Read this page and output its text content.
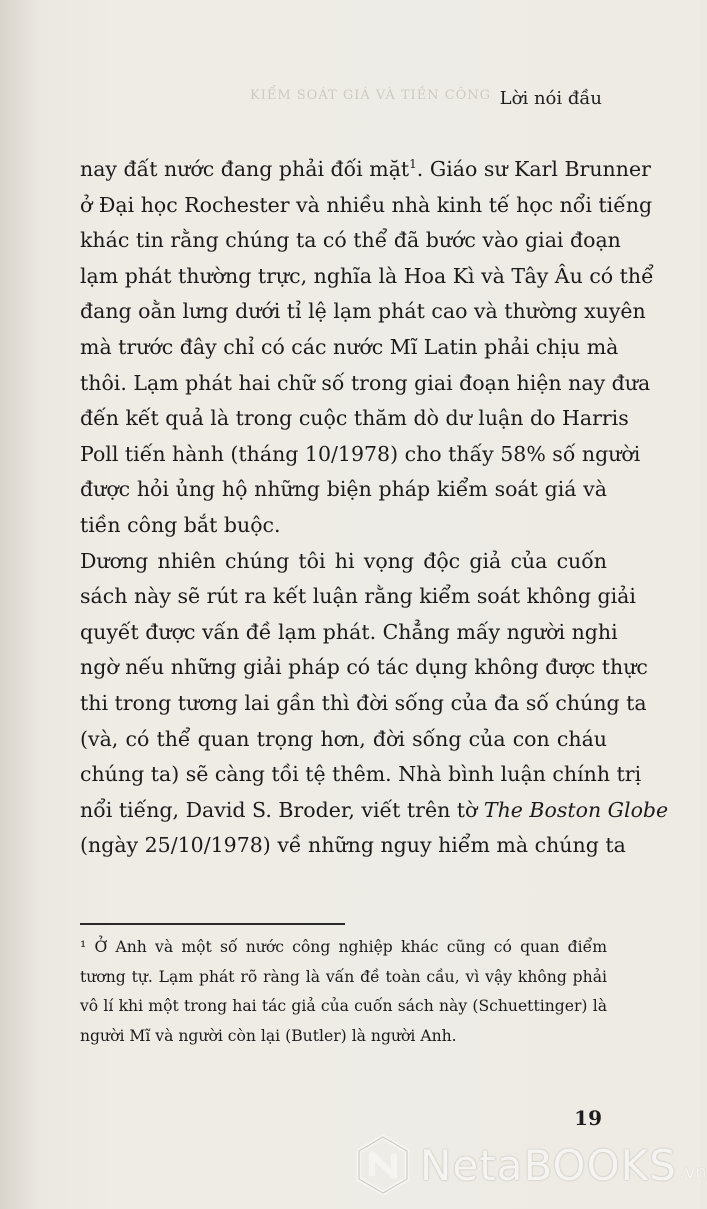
KIỂM SOÁT GIÁ VÀ TIỀN CÔNG Lời nói đầu
nay đất nước đang phải đối mặt$^1$. Giáo sư Karl Brunner
ở Đại học Rochester và nhiều nhà kinh tế học nổi tiếng
khác tin rằng chúng ta có thể đã bước vào giai đoạn
lạm phát thường trực, nghĩa là Hoa Kì và Tây Âu có thể
đang oằn lưng dưới tỉ lệ lạm phát cao và thường xuyên
mà trước đây chỉ có các nước Mĩ Latin phải chịu mà
thôi. Lạm phát hai chữ số trong giai đoạn hiện nay đưa
đến kết quả là trong cuộc thăm dò dư luận do Harris
Poll tiến hành (tháng 10/1978) cho thấy 58% số người
được hỏi ủng hộ những biện pháp kiểm soát giá và
tiền công bắt buộc.
Dương nhiên chúng tôi hi vọng độc giả của cuốn
sách này sẽ rút ra kết luận rằng kiểm soát không giải
quyết được vấn đề lạm phát. Chẳng mấy người nghi
ngờ nếu những giải pháp có tác dụng không được thực
thi trong tương lai gần thì đời sống của đa số chúng ta
(và, có thể quan trọng hơn, đời sống của con cháu
chúng ta) sẽ càng tồi tệ thêm. Nhà bình luận chính trị
nổi tiếng, David S. Broder, viết trên tờ The Boston Globe
(ngày 25/10/1978) về những nguy hiểm mà chúng ta
¹ Ở Anh và một số nước công nghiệp khác cũng có quan điểm
tương tự. Lạm phát rõ ràng là vấn đề toàn cầu, vì vậy không phải
vô lí khi một trong hai tác giả của cuốn sách này (Schuettinger) là
người Mĩ và người còn lại (Butler) là người Anh.
19
NetaBOOKS .vn
